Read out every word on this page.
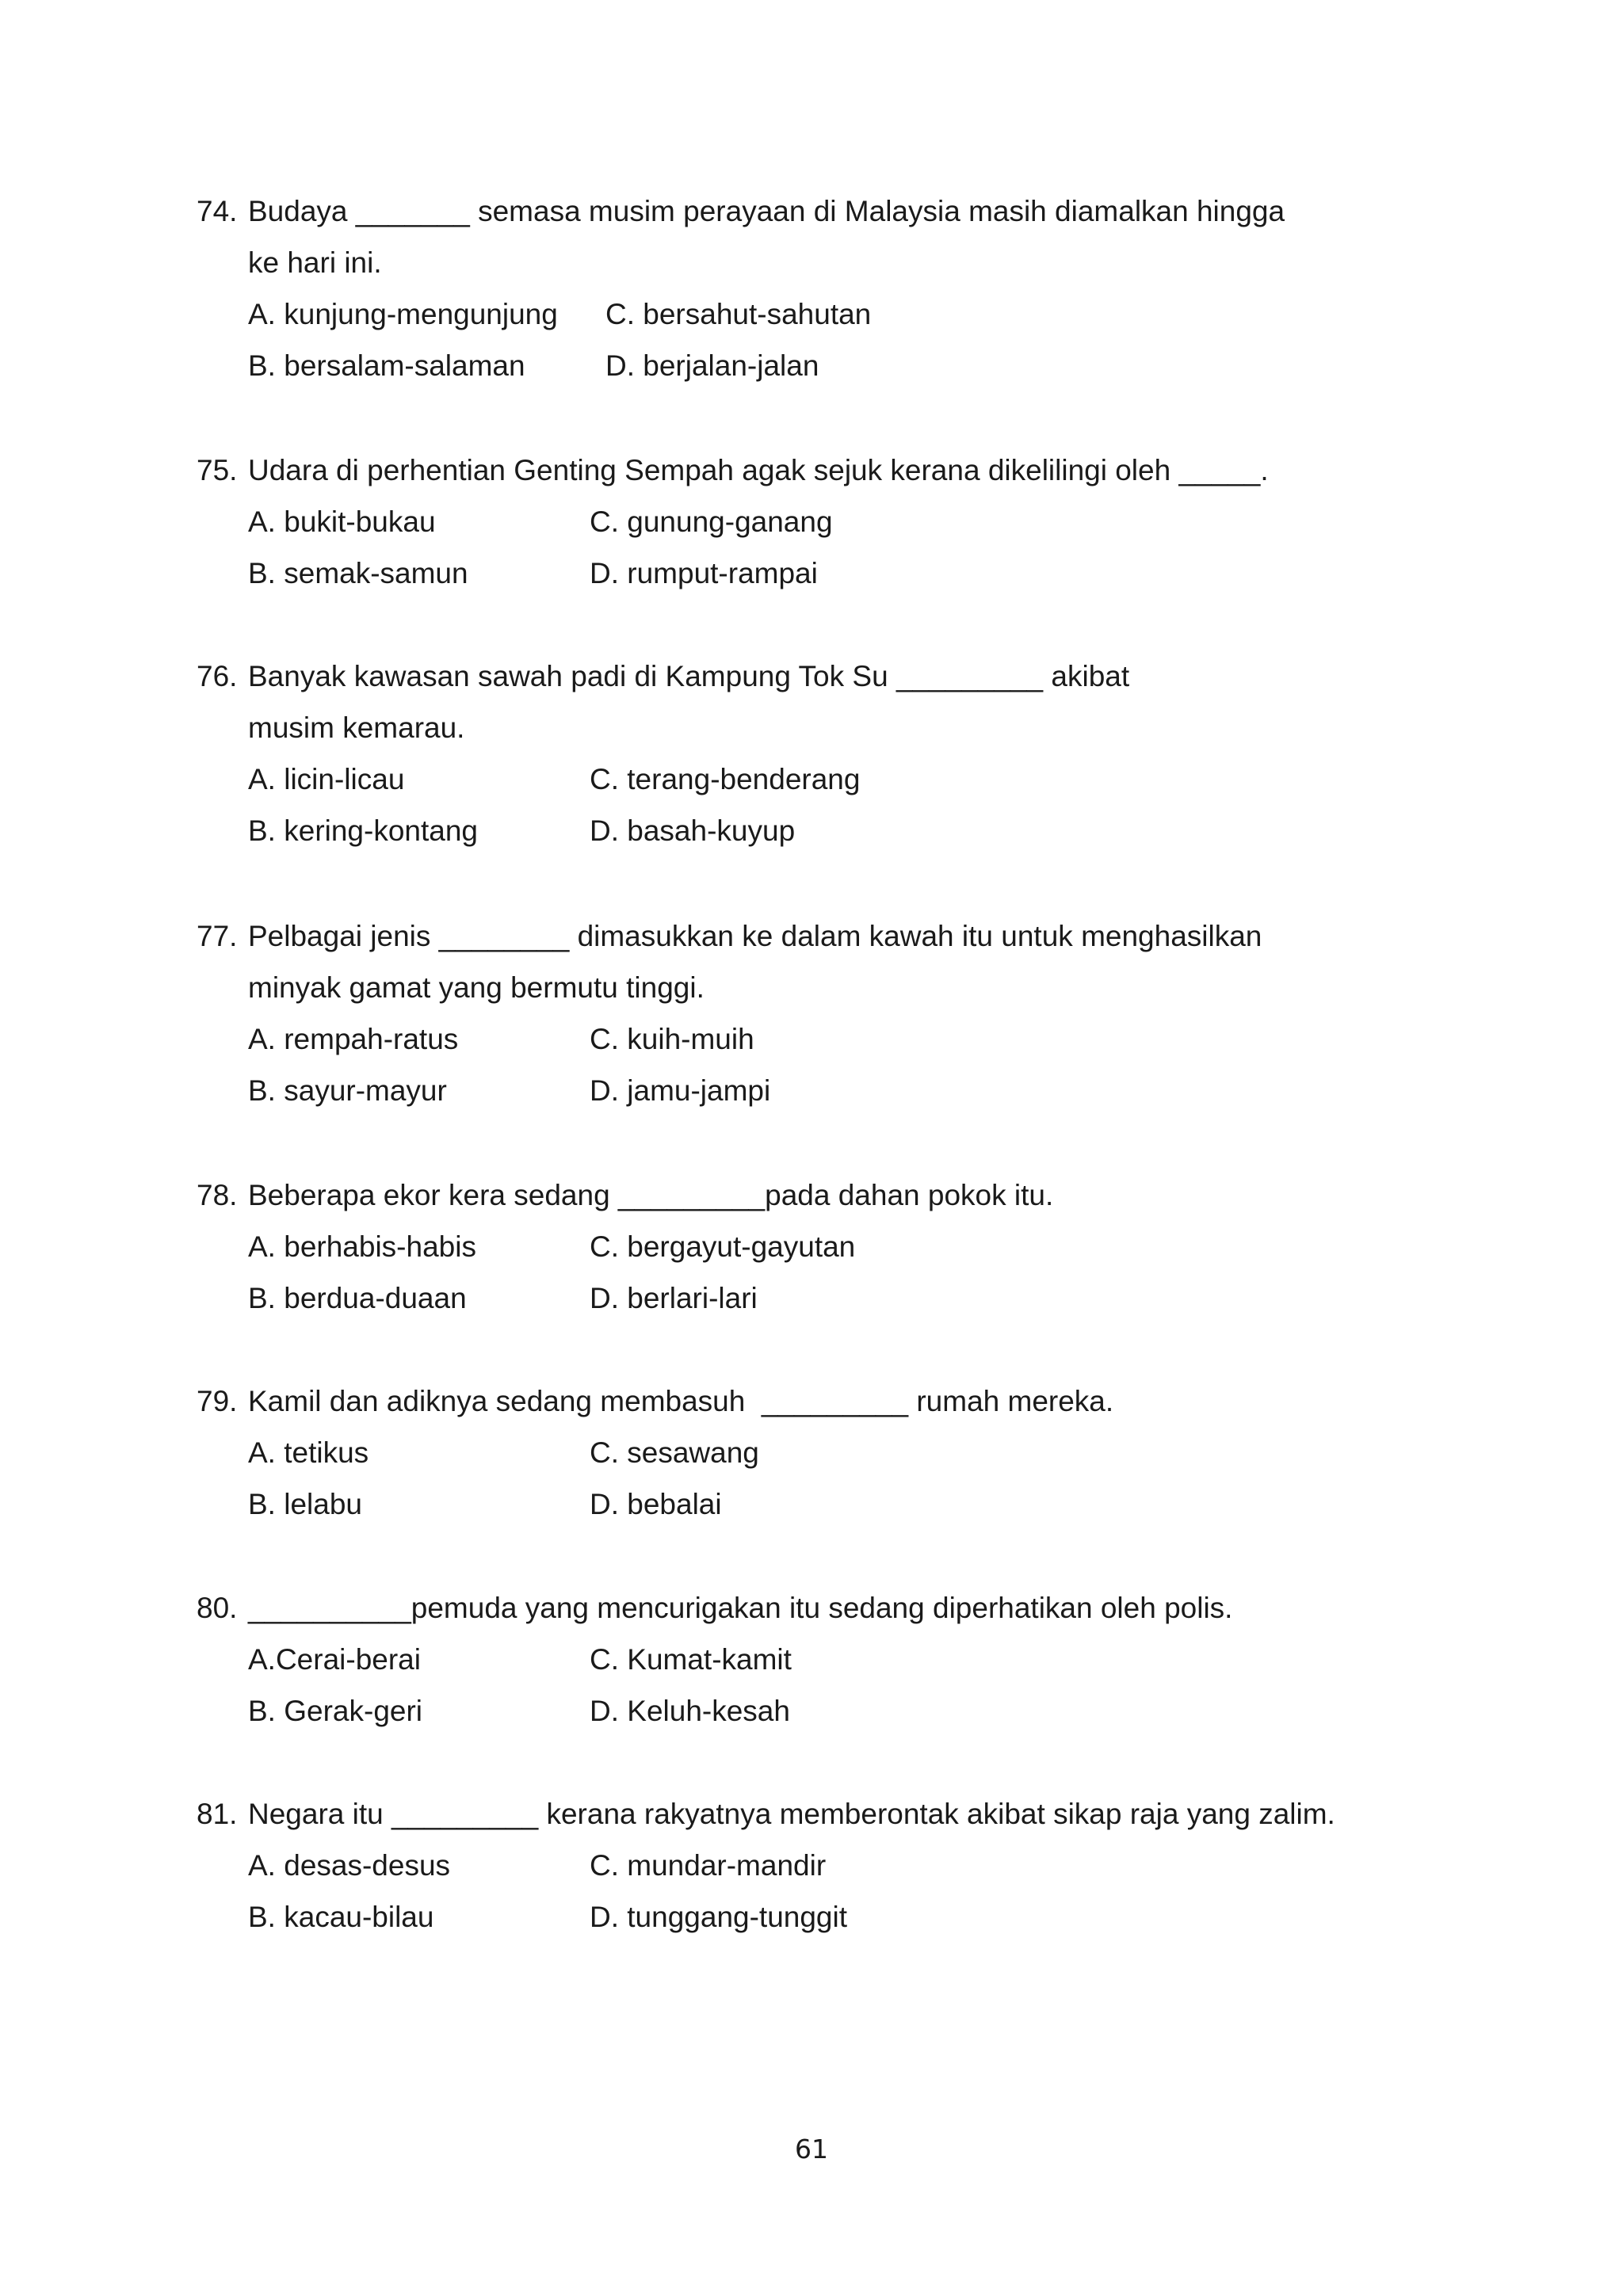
74. Budaya _______ semasa musim perayaan di Malaysia masih diamalkan hingga
ke hari ini.
A. kunjung-mengunjung C. bersahut-sahutan
B. bersalam-salaman	D. berjalan-jalan
75. Udara di perhentian Genting Sempah agak sejuk kerana dikelilingi oleh _____.
A. bukit-bukau	C. gunung-ganang
B. semak-samun	D. rumput-rampai
76. Banyak kawasan sawah padi di Kampung Tok Su _________ akibat
musim kemarau.
A. licin-licau	C. terang-benderang
B. kering-kontang	D. basah-kuyup
77. Pelbagai jenis ________ dimasukkan ke dalam kawah itu untuk menghasilkan
minyak gamat yang bermutu tinggi.
A. rempah-ratus	C. kuih-muih
B. sayur-mayur	D. jamu-jampi
78. Beberapa ekor kera sedang _________pada dahan pokok itu.
A. berhabis-habis	C. bergayut-gayutan
B. berdua-duaan	D. berlari-lari
79. Kamil dan adiknya sedang membasuh  _________ rumah mereka.
A. tetikus	C. sesawang
B. lelabu	D. bebalai
80. __________pemuda yang mencurigakan itu sedang diperhatikan oleh polis.
A.Cerai-berai	C. Kumat-kamit
B. Gerak-geri	D. Keluh-kesah
81. Negara itu _________ kerana rakyatnya memberontak akibat sikap raja yang zalim.
A. desas-desus	C. mundar-mandir
B. kacau-bilau	D. tunggang-tunggit
61
